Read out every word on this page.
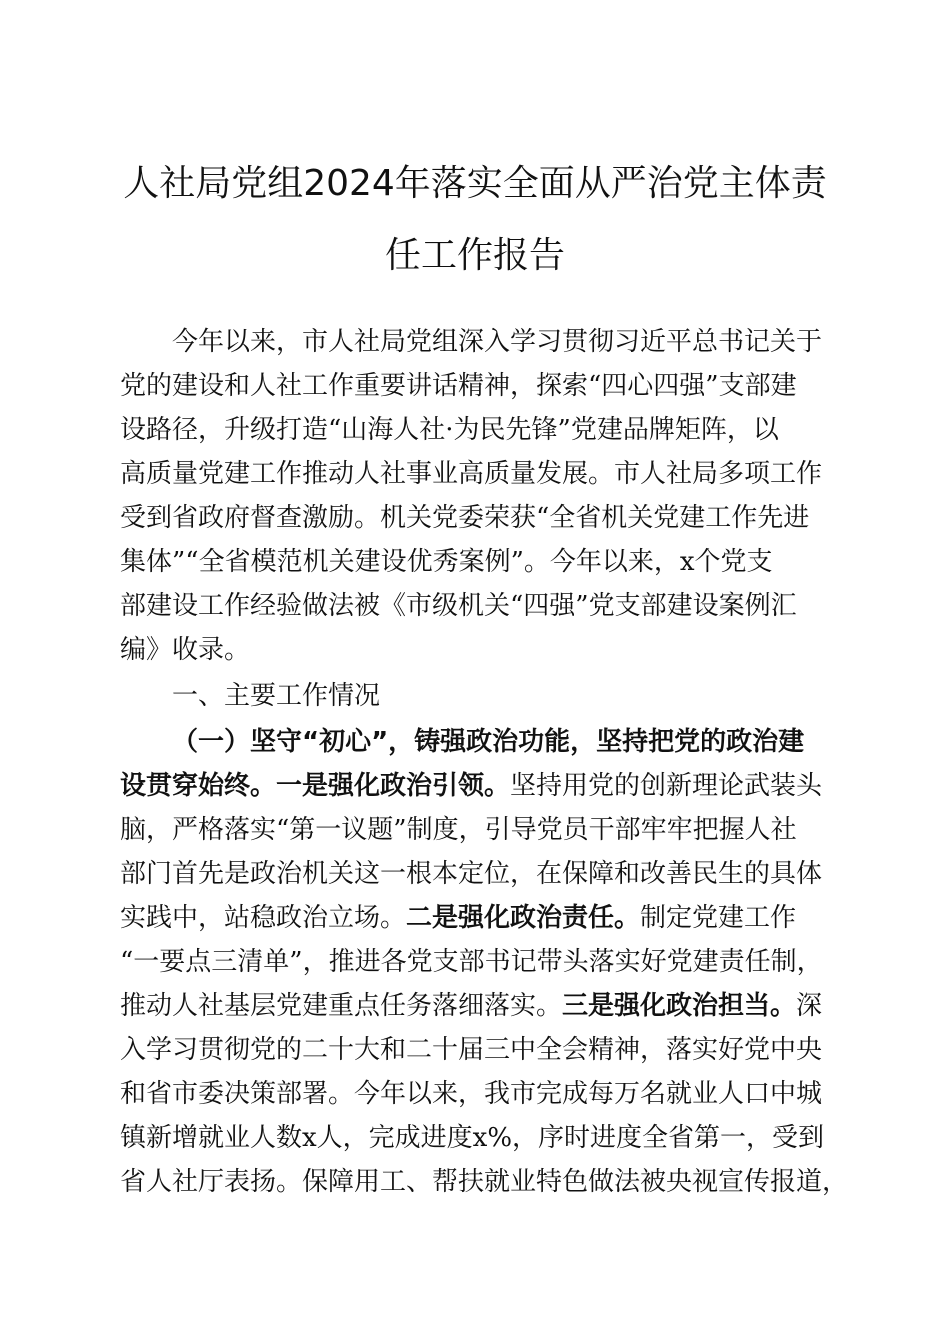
人社局党组2024年落实全面从严治党主体责
任工作报告
今年以来，市人社局党组深入学习贯彻习近平总书记关于
党的建设和人社工作重要讲话精神，探索“四心四强”支部建
设路径，升级打造“山海人社·为民先锋”党建品牌矩阵，以
高质量党建工作推动人社事业高质量发展。市人社局多项工作
受到省政府督查激励。机关党委荣获“全省机关党建工作先进
集体”“全省模范机关建设优秀案例”。今年以来，x个党支
部建设工作经验做法被《市级机关“四强”党支部建设案例汇
编》收录。
一、主要工作情况
（一）坚守“初心”，铸强政治功能，坚持把党的政治建
设贯穿始终。一是强化政治引领。坚持用党的创新理论武装头
脑，严格落实“第一议题”制度，引导党员干部牢牢把握人社
部门首先是政治机关这一根本定位，在保障和改善民生的具体
实践中，站稳政治立场。二是强化政治责任。制定党建工作
“一要点三清单”，推进各党支部书记带头落实好党建责任制，
推动人社基层党建重点任务落细落实。三是强化政治担当。深
入学习贯彻党的二十大和二十届三中全会精神，落实好党中央
和省市委决策部署。今年以来，我市完成每万名就业人口中城
镇新增就业人数x人，完成进度x%，序时进度全省第一，受到
省人社厅表扬。保障用工、帮扶就业特色做法被央视宣传报道，
